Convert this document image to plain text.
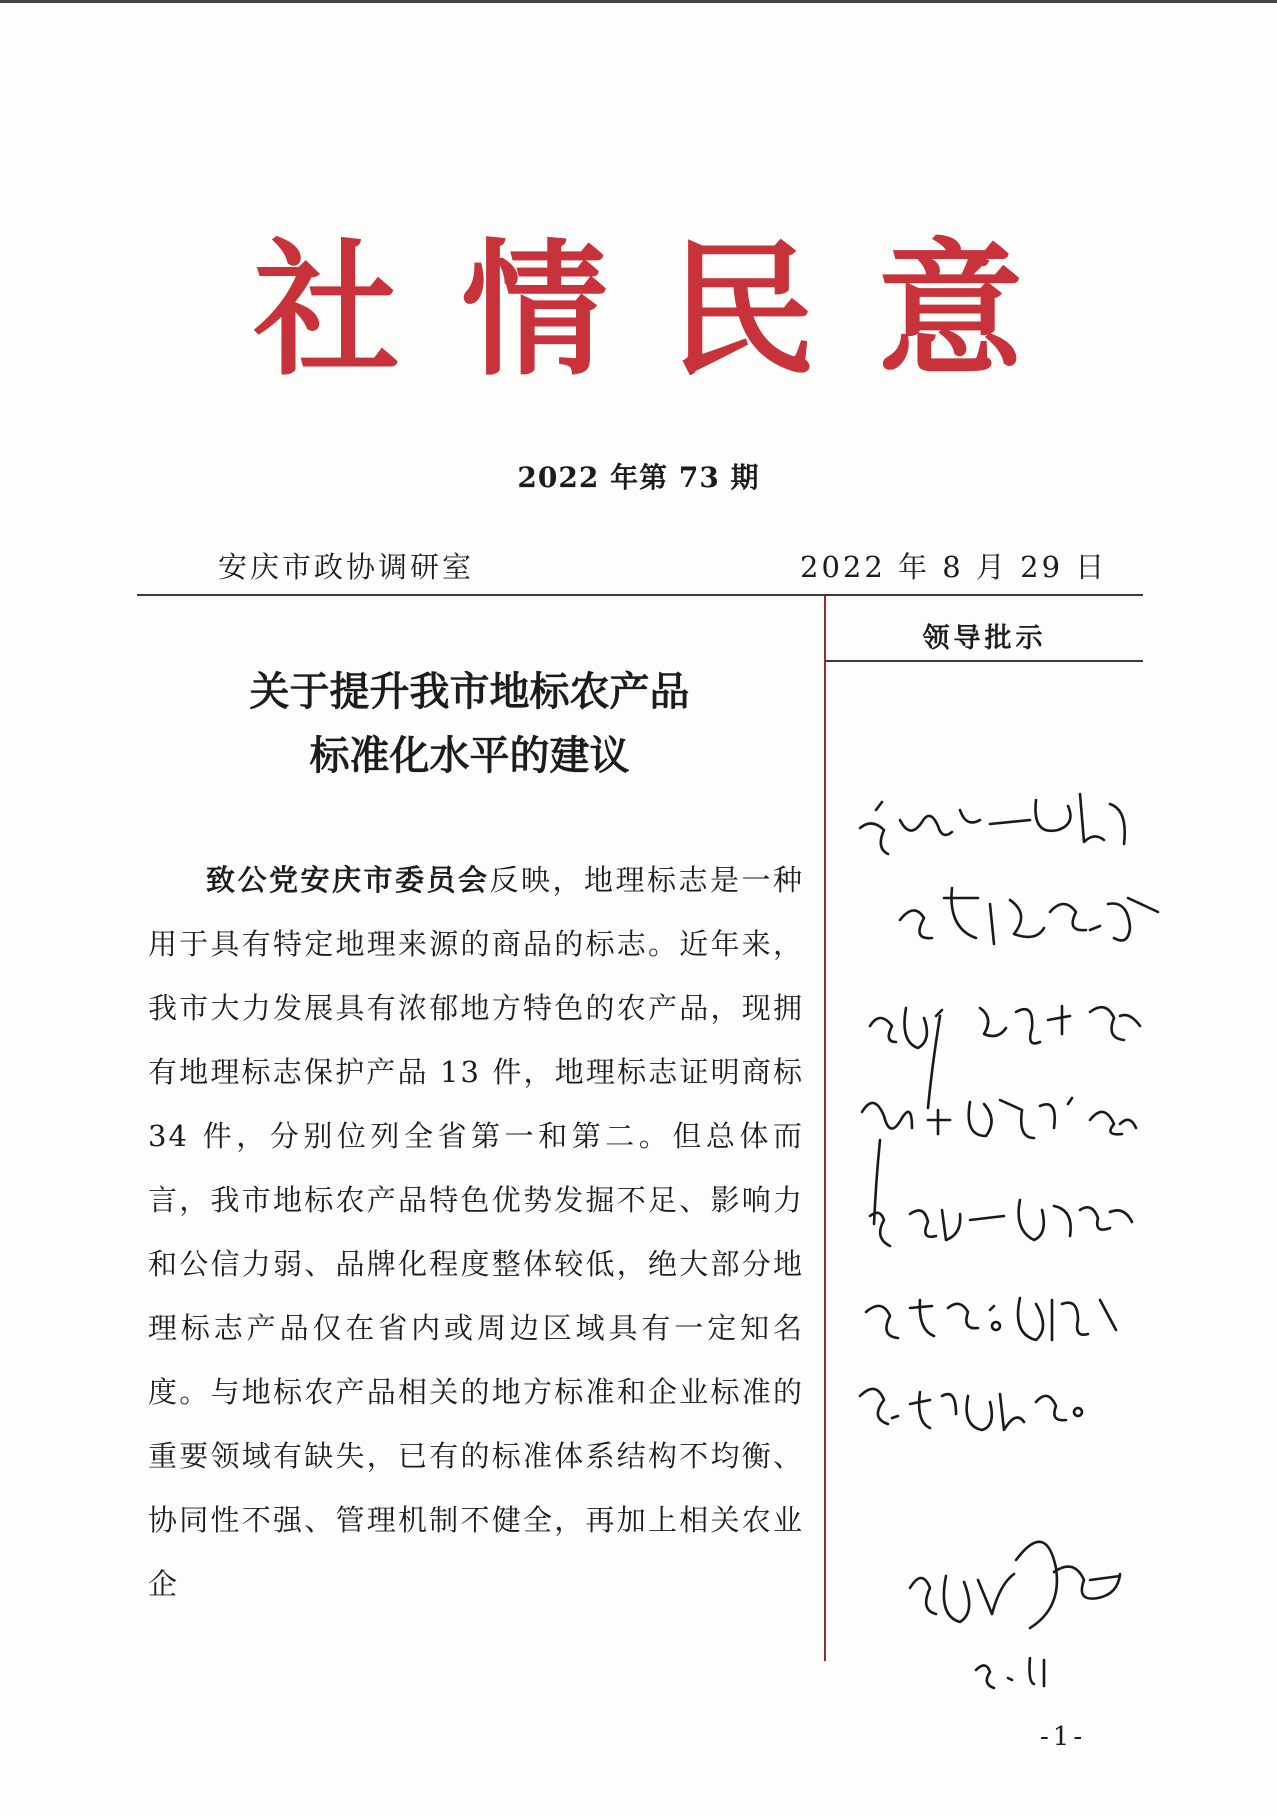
社情民意
2022 年第 73 期
安庆市政协调研室	2022 年 8 月 29 日
领导批示
关于提升我市地标农产品
标准化水平的建议

致公党安庆市委员会反映，地理标志是一种用于具有特定地理来源的商品的标志。近年来，我市大力发展具有浓郁地方特色的农产品，现拥有地理标志保护产品 13 件，地理标志证明商标 34 件，分别位列全省第一和第二。但总体而言，我市地标农产品特色优势发掘不足、影响力和公信力弱、品牌化程度整体较低，绝大部分地理标志产品仅在省内或周边区域具有一定知名度。与地标农产品相关的地方标准和企业标准的重要领域有缺失，已有的标准体系结构不均衡、协同性不强、管理机制不健全，再加上相关农业企

-1-
